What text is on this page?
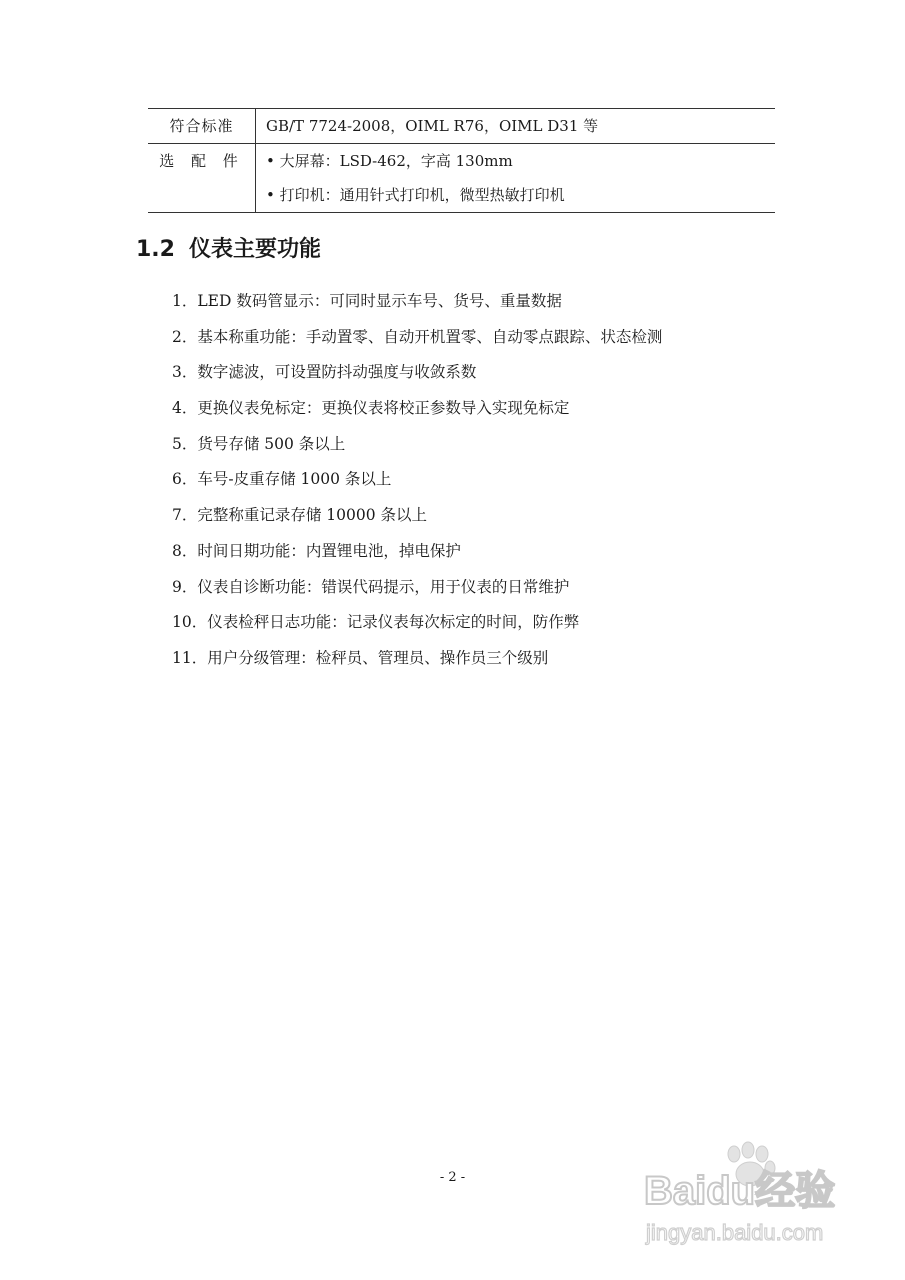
符合标准	GB/T 7724-2008，OIML R76，OIML D31 等

选 配 件	• 大屏幕：LSD-462，字高 130mm
• 打印机：通用针式打印机，微型热敏打印机
1.2 仪表主要功能
1．LED 数码管显示：可同时显示车号、货号、重量数据
2．基本称重功能：手动置零、自动开机置零、自动零点跟踪、状态检测
3．数字滤波，可设置防抖动强度与收敛系数
4．更换仪表免标定：更换仪表将校正参数导入实现免标定
5．货号存储 500 条以上
6．车号-皮重存储 1000 条以上
7．完整称重记录存储 10000 条以上
8．时间日期功能：内置锂电池，掉电保护
9．仪表自诊断功能：错误代码提示，用于仪表的日常维护
10．仪表检秤日志功能：记录仪表每次标定的时间，防作弊
11．用户分级管理：检秤员、管理员、操作员三个级别
- 2 -	Baidu经验
jingyan.baidu.com
